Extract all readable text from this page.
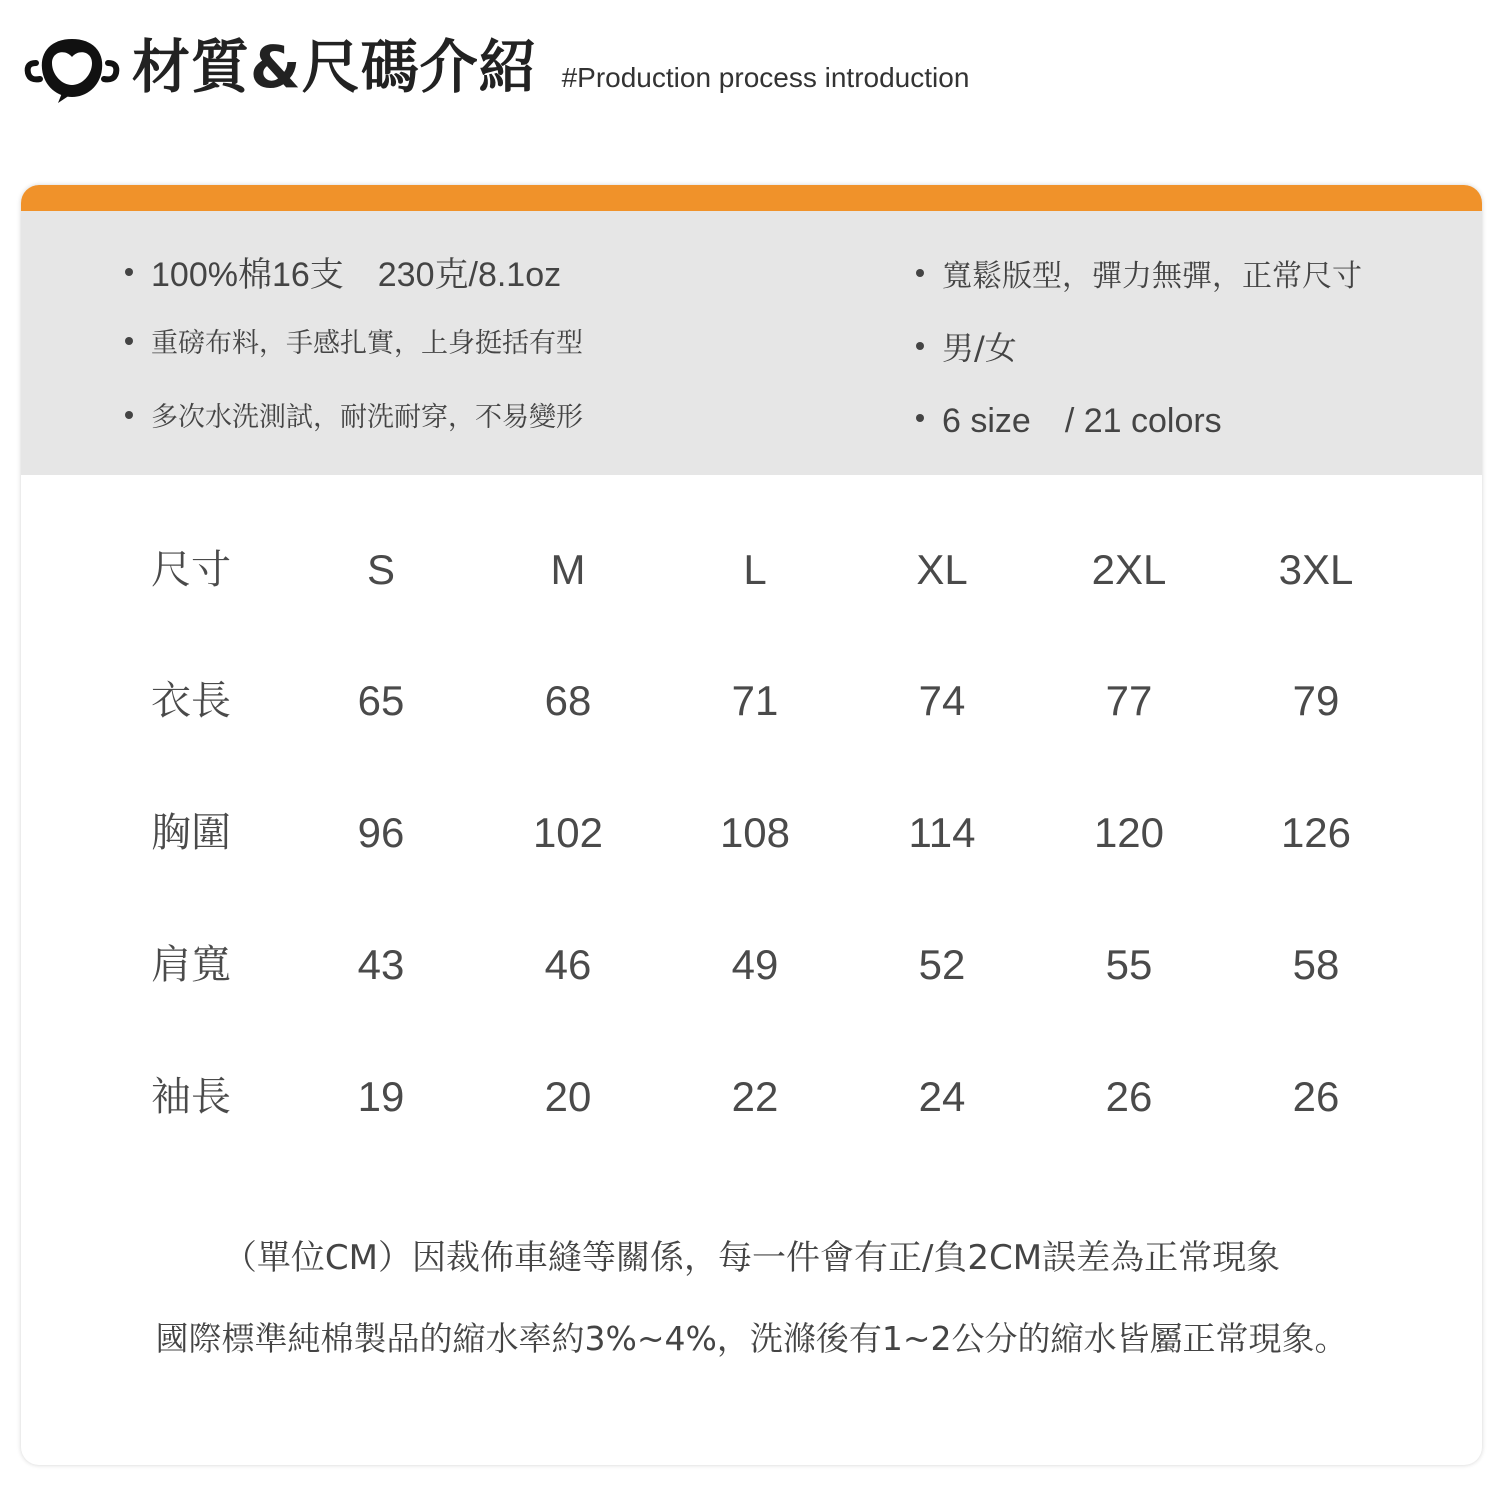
材質&尺碼介紹 #Production process introduction
100%棉16支　230克/8.1oz
重磅布料，手感扎實，上身挺括有型
多次水洗測試，耐洗耐穿，不易變形
寬鬆版型，彈力無彈，正常尺寸
男/女
6 size　/ 21 colors
尺寸	S	M	L	XL	2XL	3XL
衣長	65	68	71	74	77	79
胸圍	96	102	108	114	120	126
肩寬	43	46	49	52	55	58
袖長	19	20	22	24	26	26
（單位CM）因裁佈車縫等關係，每一件會有正/負2CM誤差為正常現象
國際標準純棉製品的縮水率約3%~4%，洗滌後有1~2公分的縮水皆屬正常現象。
